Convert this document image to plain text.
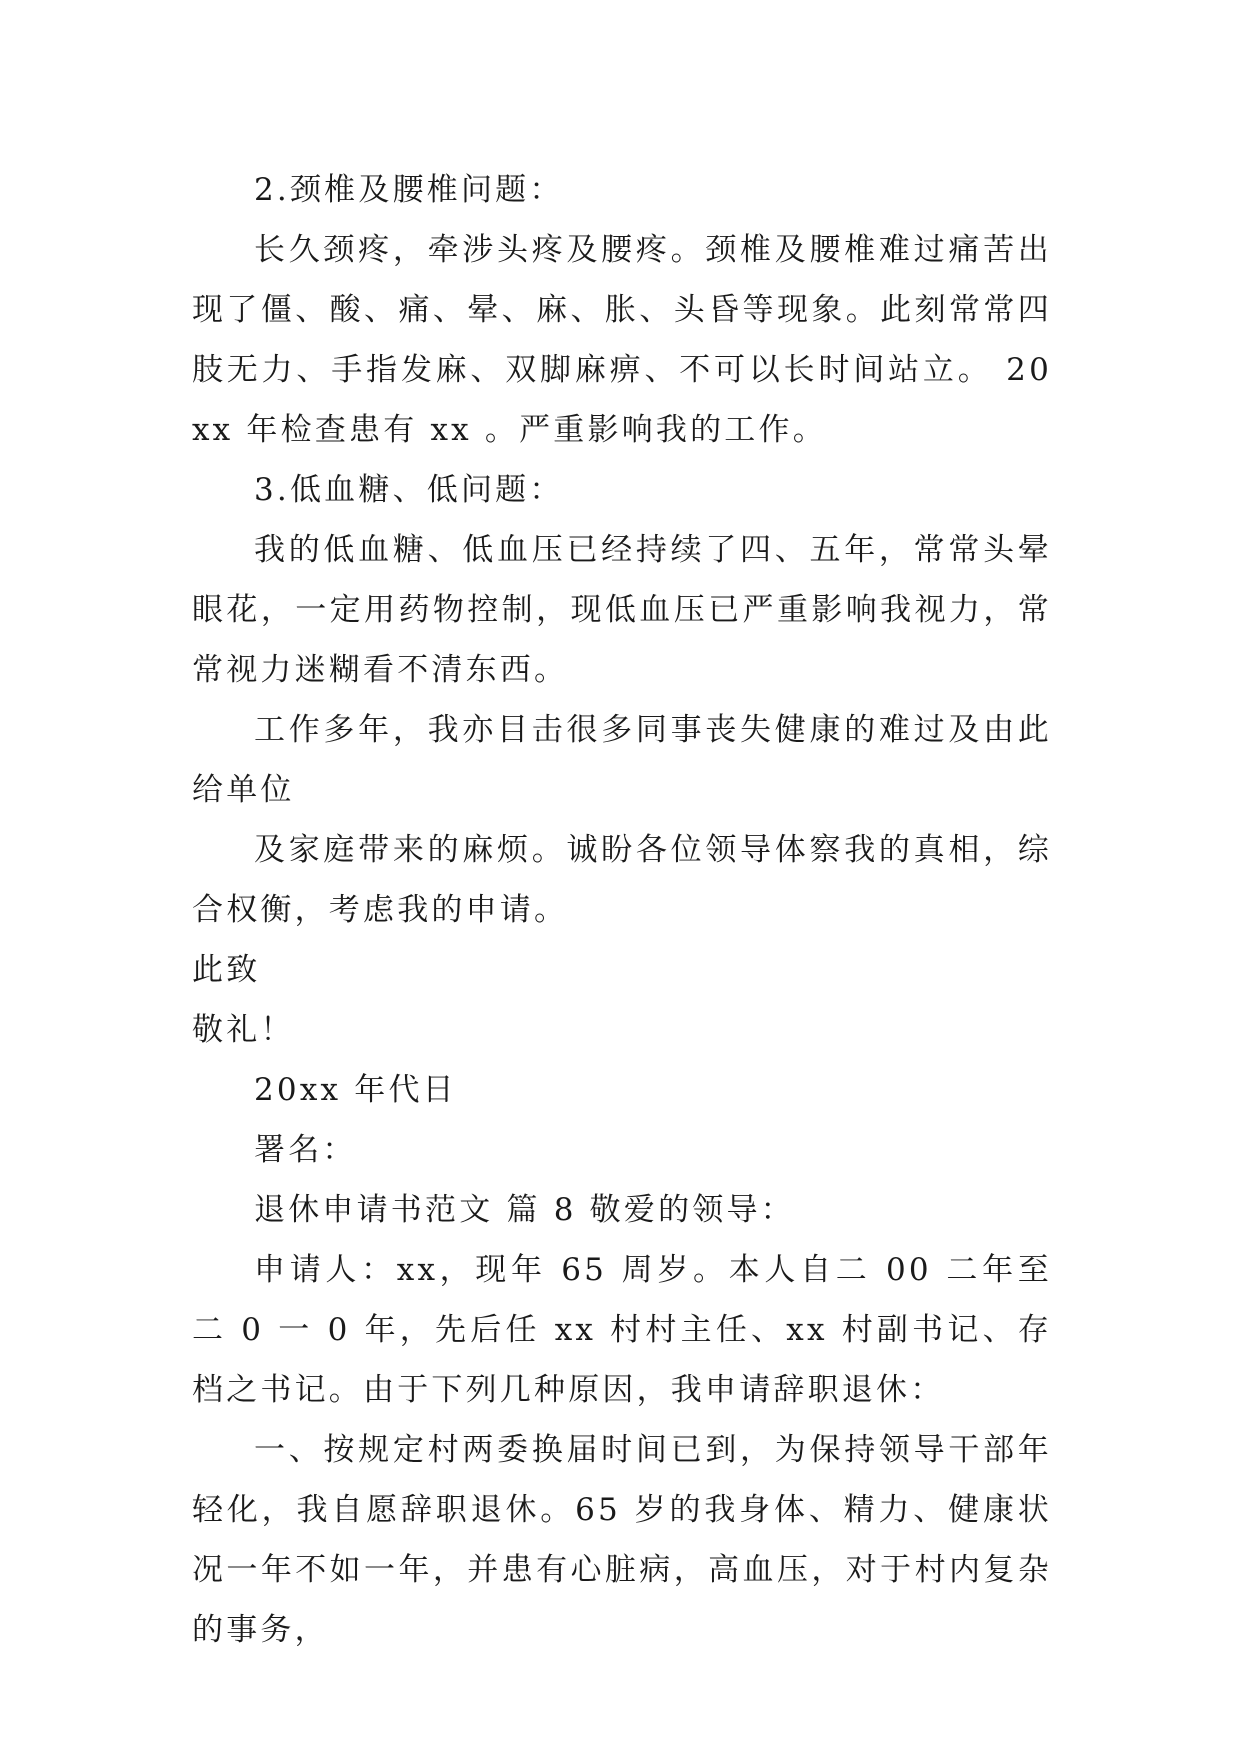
2.颈椎及腰椎问题：

长久颈疼，牵涉头疼及腰疼。颈椎及腰椎难过痛苦出现了僵、酸、痛、晕、麻、胀、头昏等现象。此刻常常四肢无力、手指发麻、双脚麻痹、不可以长时间站立。 20xx 年检查患有 xx 。严重影响我的工作。

3.低血糖、低问题：

我的低血糖、低血压已经持续了四、五年，常常头晕眼花，一定用药物控制，现低血压已严重影响我视力，常常视力迷糊看不清东西。

工作多年，我亦目击很多同事丧失健康的难过及由此给单位

及家庭带来的麻烦。诚盼各位领导体察我的真相，综合权衡，考虑我的申请。

此致

敬礼！

20xx 年代日

署名：

退休申请书范文 篇 8 敬爱的领导：

申请人：xx，现年 65 周岁。本人自二 00 二年至二 0 一 0 年，先后任 xx 村村主任、xx 村副书记、存档之书记。由于下列几种原因，我申请辞职退休：

一、按规定村两委换届时间已到，为保持领导干部年轻化，我自愿辞职退休。65 岁的我身体、精力、健康状况一年不如一年，并患有心脏病，高血压，对于村内复杂的事务，
